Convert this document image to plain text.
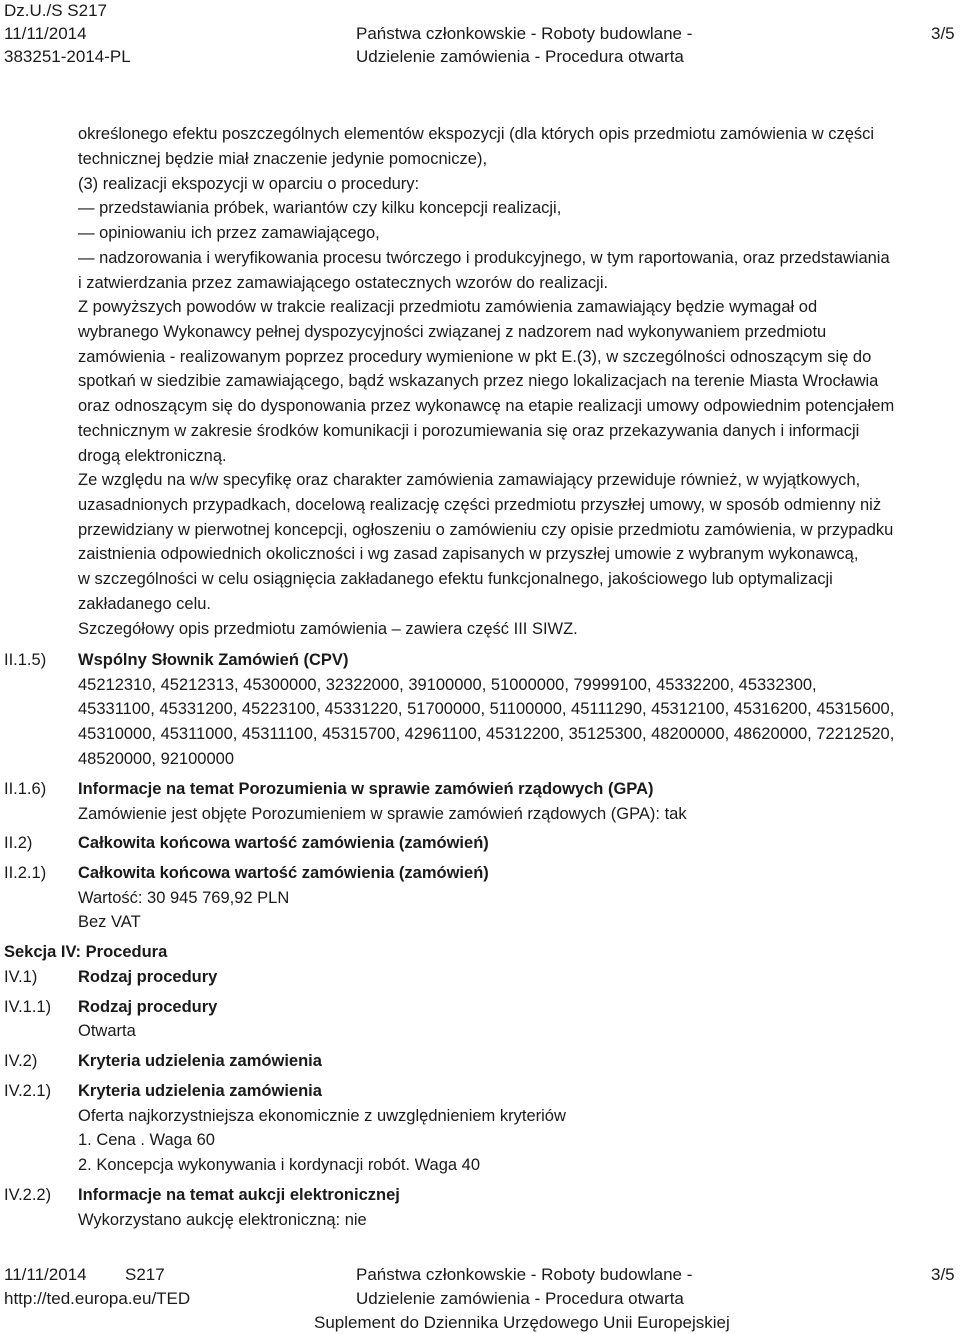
Dz.U./S S217
11/11/2014
383251-2014-PL
Państwa członkowskie - Roboty budowlane -
Udzielenie zamówienia - Procedura otwarta
3/5
określonego efektu poszczególnych elementów ekspozycji (dla których opis przedmiotu zamówienia w części
technicznej będzie miał znaczenie jedynie pomocnicze),
(3) realizacji ekspozycji w oparciu o procedury:
— przedstawiania próbek, wariantów czy kilku koncepcji realizacji,
— opiniowaniu ich przez zamawiającego,
— nadzorowania i weryfikowania procesu twórczego i produkcyjnego, w tym raportowania, oraz przedstawiania
i zatwierdzania przez zamawiającego ostatecznych wzorów do realizacji.
Z powyższych powodów w trakcie realizacji przedmiotu zamówienia zamawiający będzie wymagał od
wybranego Wykonawcy pełnej dyspozycyjności związanej z nadzorem nad wykonywaniem przedmiotu
zamówienia - realizowanym poprzez procedury wymienione w pkt E.(3), w szczególności odnoszącym się do
spotkań w siedzibie zamawiającego, bądź wskazanych przez niego lokalizacjach na terenie Miasta Wrocławia
oraz odnoszącym się do dysponowania przez wykonawcę na etapie realizacji umowy odpowiednim potencjałem
technicznym w zakresie środków komunikacji i porozumiewania się oraz przekazywania danych i informacji
drogą elektroniczną.
Ze względu na w/w specyfikę oraz charakter zamówienia zamawiający przewiduje również, w wyjątkowych,
uzasadnionych przypadkach, docelową realizację części przedmiotu przyszłej umowy, w sposób odmienny niż
przewidziany w pierwotnej koncepcji, ogłoszeniu o zamówieniu czy opisie przedmiotu zamówienia, w przypadku
zaistnienia odpowiednich okoliczności i wg zasad zapisanych w przyszłej umowie z wybranym wykonawcą,
w szczególności w celu osiągnięcia zakładanego efektu funkcjonalnego, jakościowego lub optymalizacji
zakładanego celu.
Szczegółowy opis przedmiotu zamówienia – zawiera część III SIWZ.
II.1.5) Wspólny Słownik Zamówień (CPV)
45212310, 45212313, 45300000, 32322000, 39100000, 51000000, 79999100, 45332200, 45332300,
45331100, 45331200, 45223100, 45331220, 51700000, 51100000, 45111290, 45312100, 45316200, 45315600,
45310000, 45311000, 45311100, 45315700, 42961100, 45312200, 35125300, 48200000, 48620000, 72212520,
48520000, 92100000
II.1.6) Informacje na temat Porozumienia w sprawie zamówień rządowych (GPA)
Zamówienie jest objęte Porozumieniem w sprawie zamówień rządowych (GPA): tak
II.2)	Całkowita końcowa wartość zamówienia (zamówień)
II.2.1) Całkowita końcowa wartość zamówienia (zamówień)
Wartość: 30 945 769,92 PLN
Bez VAT
Sekcja IV: Procedura
IV.1) Rodzaj procedury
IV.1.1) Rodzaj procedury
Otwarta
IV.2) Kryteria udzielenia zamówienia
IV.2.1) Kryteria udzielenia zamówienia
Oferta najkorzystniejsza ekonomicznie z uwzględnieniem kryteriów
1. Cena . Waga 60
2. Koncepcja wykonywania i kordynacji robót. Waga 40
IV.2.2) Informacje na temat aukcji elektronicznej
Wykorzystano aukcję elektroniczną: nie
11/11/2014 S217
http://ted.europa.eu/TED
Państwa członkowskie - Roboty budowlane -
Udzielenie zamówienia - Procedura otwarta
Suplement do Dziennika Urzędowego Unii Europejskiej
3/5
